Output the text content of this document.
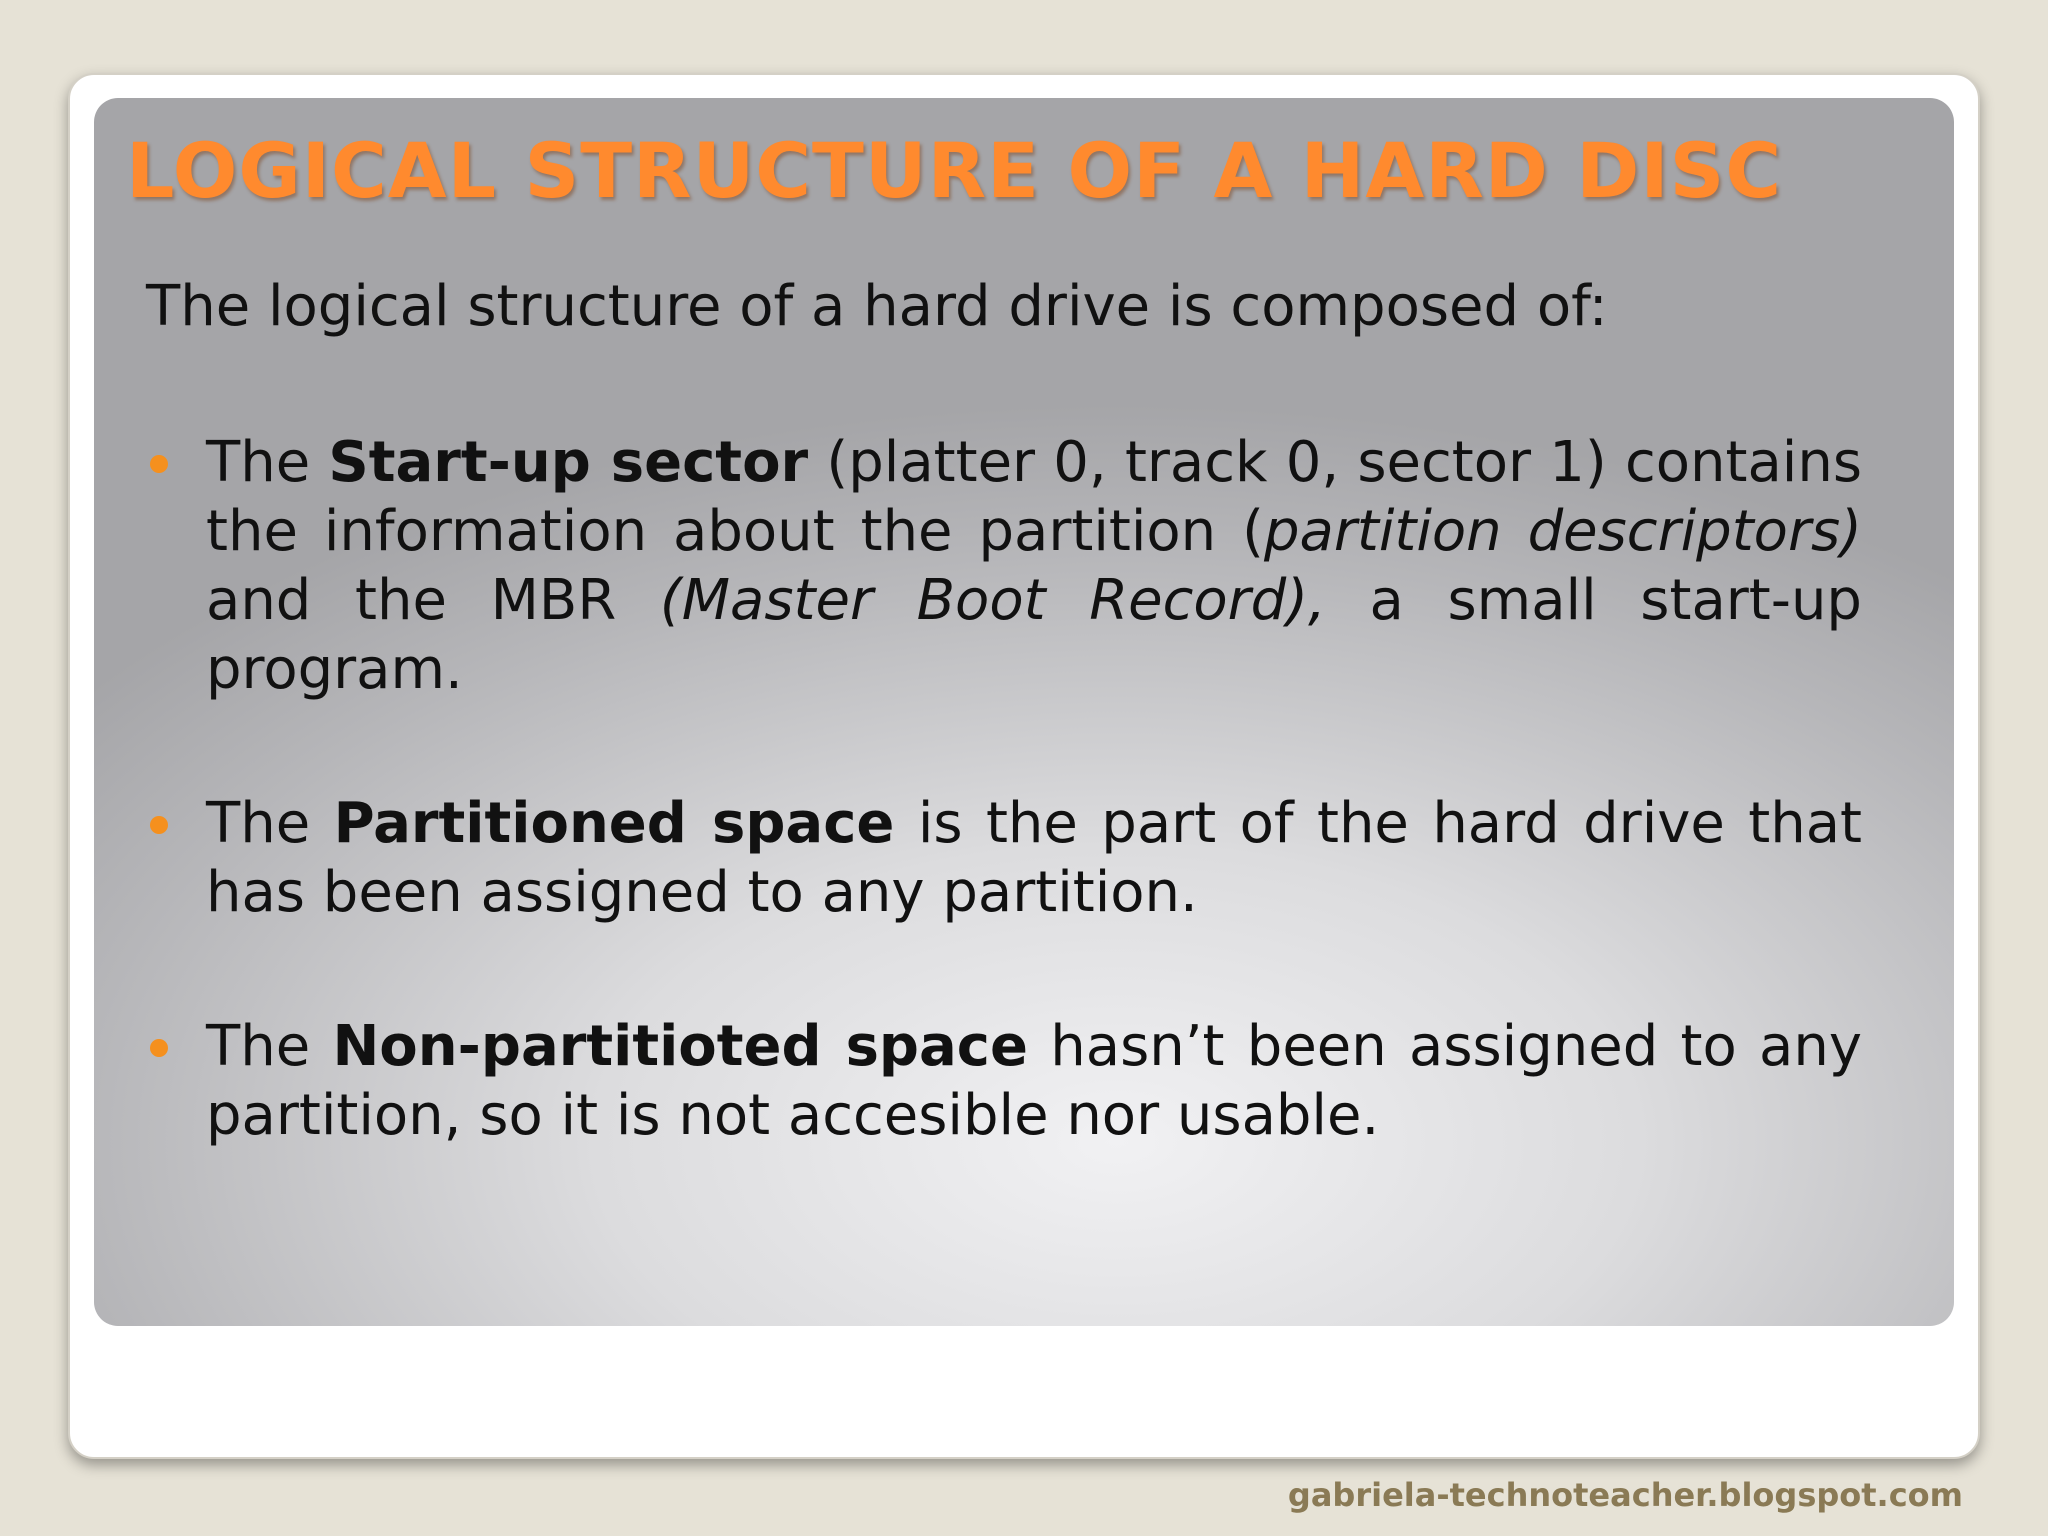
LOGICAL STRUCTURE OF A HARD DISC

The logical structure of a hard drive is composed of:

The Start-up sector (platter 0, track 0, sector 1) contains the information about the partition (partition descriptors) and the MBR (Master Boot Record), a small start-up program.
The Partitioned space is the part of the hard drive that has been assigned to any partition.
The Non-partitioted space hasn’t been assigned to any partition, so it is not accesible nor usable.
gabriela-technoteacher.blogspot.com
